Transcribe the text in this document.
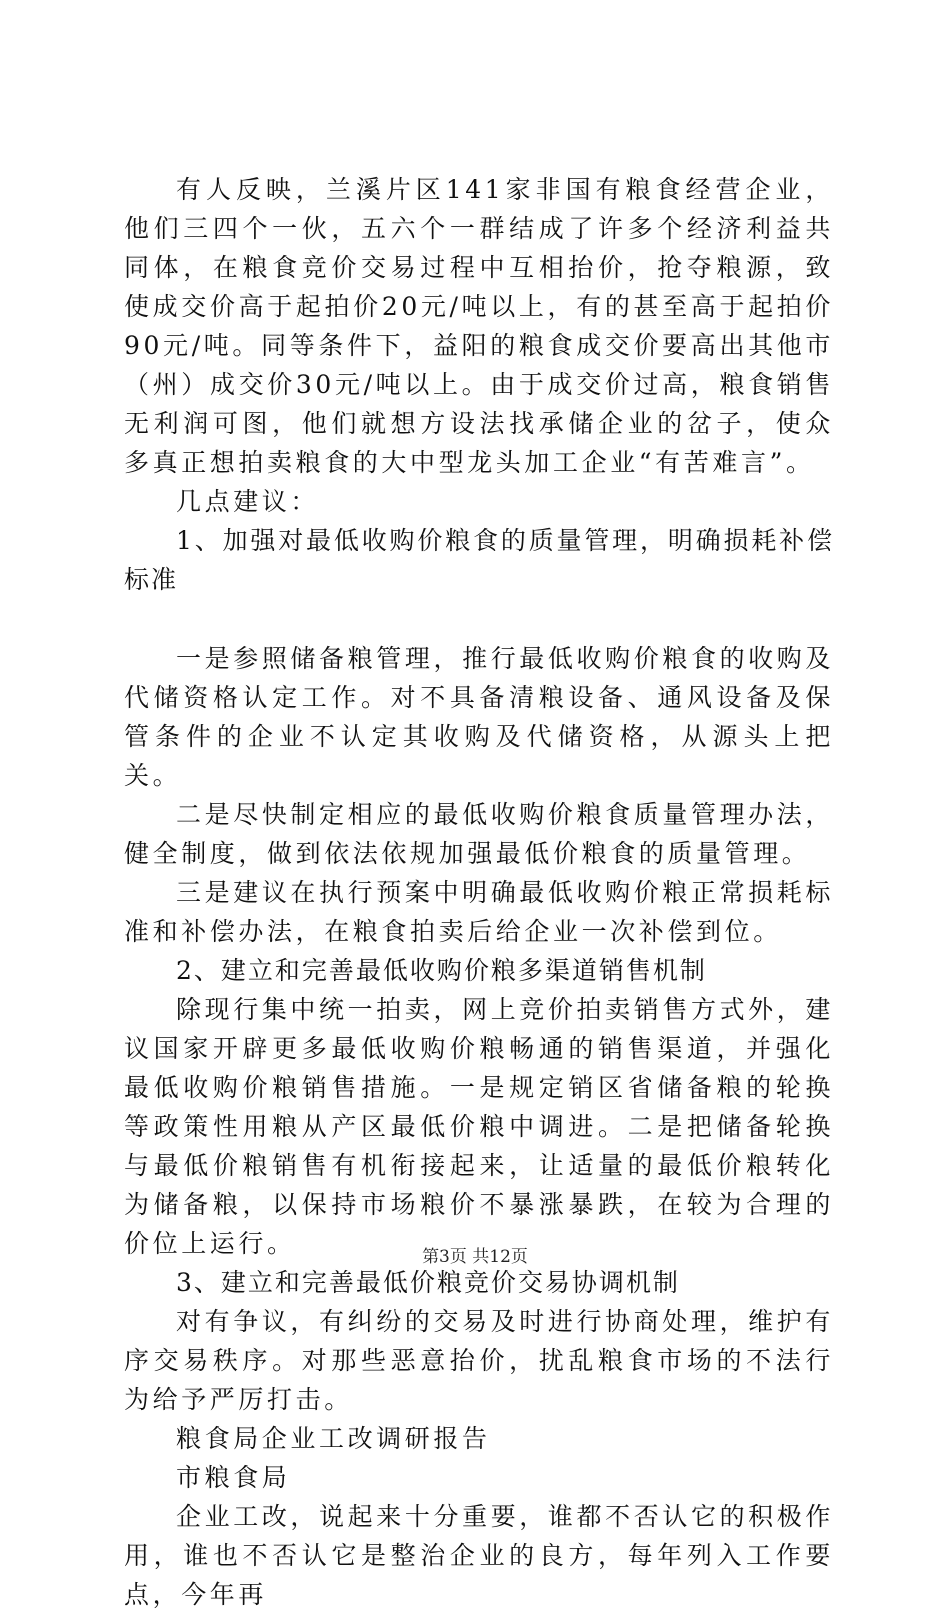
有人反映，兰溪片区141家非国有粮食经营企业，他们三四个一伙，五六个一群结成了许多个经济利益共同体，在粮食竞价交易过程中互相抬价，抢夺粮源，致使成交价高于起拍价20元/吨以上，有的甚至高于起拍价90元/吨。同等条件下，益阳的粮食成交价要高出其他市（州）成交价30元/吨以上。由于成交价过高，粮食销售无利润可图，他们就想方设法找承储企业的岔子，使众多真正想拍卖粮食的大中型龙头加工企业“有苦难言”。

几点建议：

1、加强对最低收购价粮食的质量管理，明确损耗补偿标准

一是参照储备粮管理，推行最低收购价粮食的收购及代储资格认定工作。对不具备清粮设备、通风设备及保管条件的企业不认定其收购及代储资格，从源头上把关。

二是尽快制定相应的最低收购价粮食质量管理办法，健全制度，做到依法依规加强最低价粮食的质量管理。

三是建议在执行预案中明确最低收购价粮正常损耗标准和补偿办法，在粮食拍卖后给企业一次补偿到位。

2、建立和完善最低收购价粮多渠道销售机制

除现行集中统一拍卖，网上竞价拍卖销售方式外，建议国家开辟更多最低收购价粮畅通的销售渠道，并强化最低收购价粮销售措施。一是规定销区省储备粮的轮换等政策性用粮从产区最低价粮中调进。二是把储备轮换与最低价粮销售有机衔接起来，让适量的最低价粮转化为储备粮，以保持市场粮价不暴涨暴跌，在较为合理的价位上运行。

3、建立和完善最低价粮竞价交易协调机制

对有争议，有纠纷的交易及时进行协商处理，维护有序交易秩序。对那些恶意抬价，扰乱粮食市场的不法行为给予严厉打击。

粮食局企业工改调研报告

市粮食局

企业工改，说起来十分重要，谁都不否认它的积极作用，谁也不否认它是整治企业的良方，每年列入工作要点，今年再

第3页 共12页
